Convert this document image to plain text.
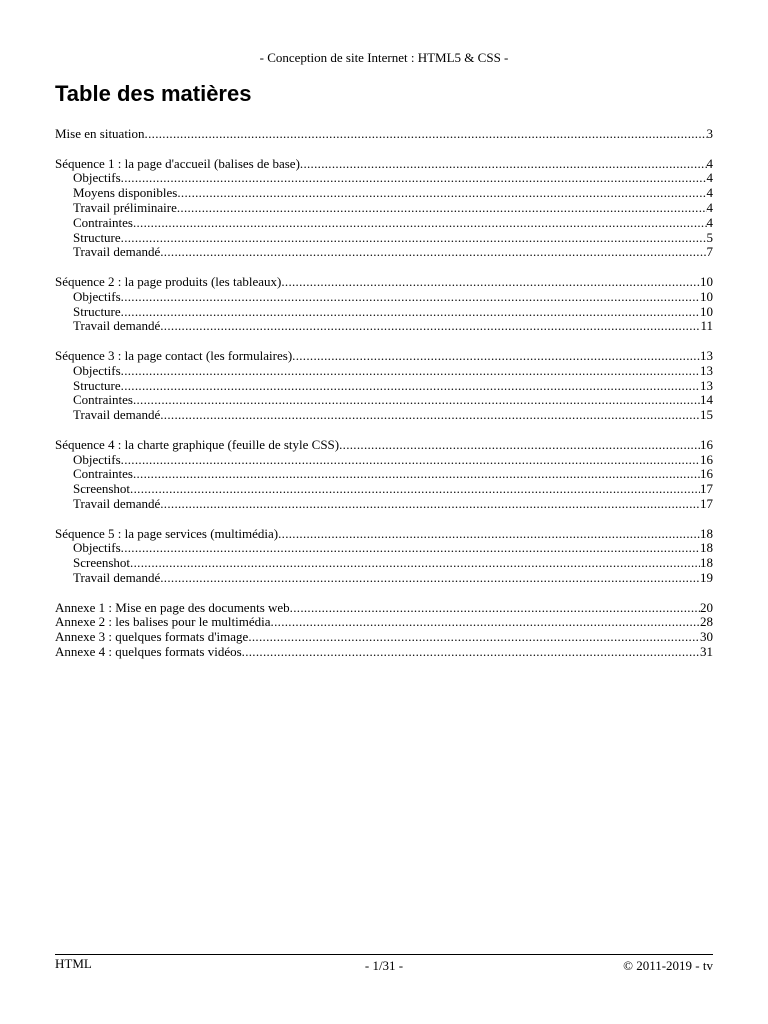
- Conception de site Internet : HTML5 & CSS -
Table des matières
Mise en situation .....	3
Séquence 1 : la page d'accueil (balises de base) .....	4
Objectifs .....	4
Moyens disponibles .....	4
Travail préliminaire .....	4
Contraintes .....	4
Structure .....	5
Travail demandé .....	7
Séquence 2 : la page produits (les tableaux) .....	10
Objectifs .....	10
Structure .....	10
Travail demandé .....	11
Séquence 3 : la page contact (les formulaires) .....	13
Objectifs .....	13
Structure .....	13
Contraintes .....	14
Travail demandé .....	15
Séquence 4 : la charte graphique (feuille de style CSS) .....	16
Objectifs .....	16
Contraintes .....	16
Screenshot .....	17
Travail demandé .....	17
Séquence 5 : la page services (multimédia) .....	18
Objectifs .....	18
Screenshot .....	18
Travail demandé .....	19
Annexe 1 : Mise en page des documents web .....	20
Annexe 2 : les balises pour le multimédia .....	28
Annexe 3 : quelques formats d'image .....	30
Annexe 4 : quelques formats vidéos .....	31
HTML	- 1/31 -	© 2011-2019 - tv
